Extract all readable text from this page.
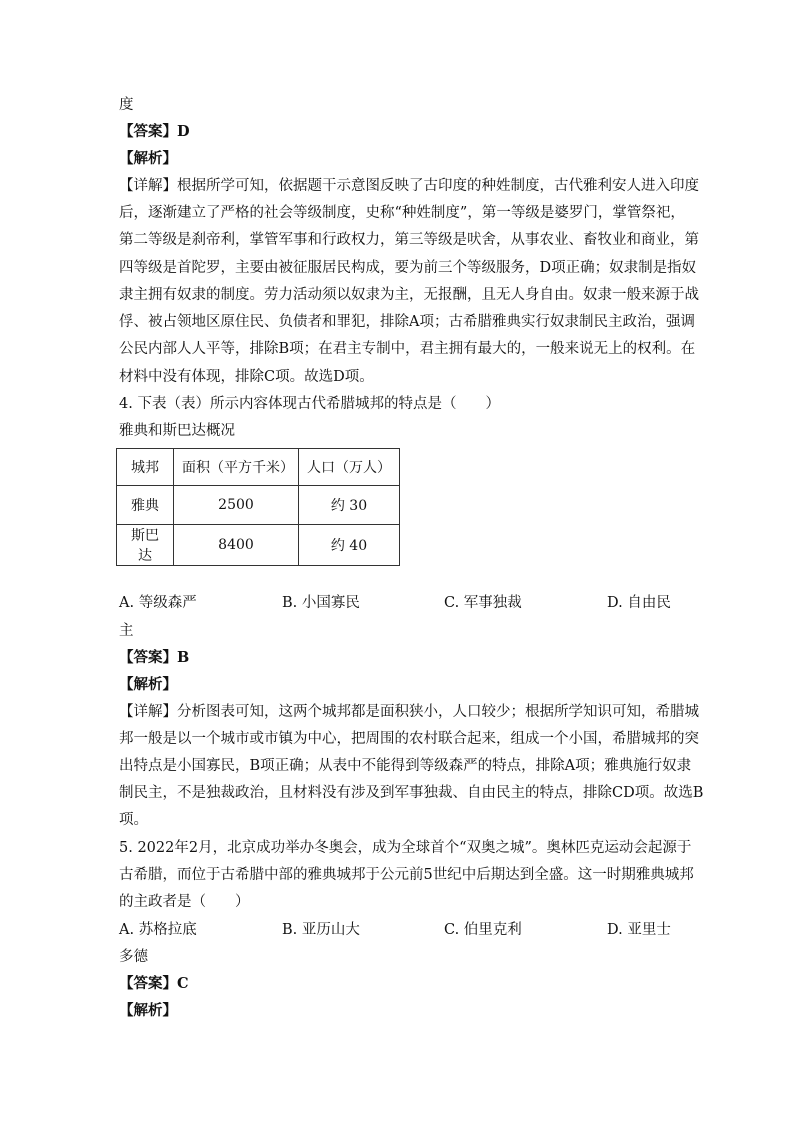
度
【答案】D
【解析】
【详解】根据所学可知，依据题干示意图反映了古印度的种姓制度，古代雅利安人进入印度
后，逐渐建立了严格的社会等级制度，史称“种姓制度”，第一等级是婆罗门，掌管祭祀，
第二等级是刹帝利，掌管军事和行政权力，第三等级是吠舍，从事农业、畜牧业和商业，第
四等级是首陀罗，主要由被征服居民构成，要为前三个等级服务，D项正确；奴隶制是指奴
隶主拥有奴隶的制度。劳力活动须以奴隶为主，无报酬，且无人身自由。奴隶一般来源于战
俘、被占领地区原住民、负债者和罪犯，排除A项；古希腊雅典实行奴隶制民主政治，强调
公民内部人人平等，排除B项；在君主专制中，君主拥有最大的，一般来说无上的权利。在
材料中没有体现，排除C项。故选D项。
4. 下表（表）所示内容体现古代希腊城邦的特点是（　　）
雅典和斯巴达概况
城邦	面积（平方千米）	人口（万人）
雅典	2500	约 30
斯巴达	8400	约 40
A. 等级森严	B. 小国寡民	C. 军事独裁	D. 自由民
主
【答案】B
【解析】
【详解】分析图表可知，这两个城邦都是面积狭小，人口较少；根据所学知识可知，希腊城
邦一般是以一个城市或市镇为中心，把周围的农村联合起来，组成一个小国，希腊城邦的突
出特点是小国寡民，B项正确；从表中不能得到等级森严的特点，排除A项；雅典施行奴隶
制民主，不是独裁政治，且材料没有涉及到军事独裁、自由民主的特点，排除CD项。故选B
项。
5. 2022年2月，北京成功举办冬奥会，成为全球首个“双奥之城”。奥林匹克运动会起源于
古希腊，而位于古希腊中部的雅典城邦于公元前5世纪中后期达到全盛。这一时期雅典城邦
的主政者是（　　）
A. 苏格拉底	B. 亚历山大	C. 伯里克利	D. 亚里士
多德
【答案】C
【解析】
